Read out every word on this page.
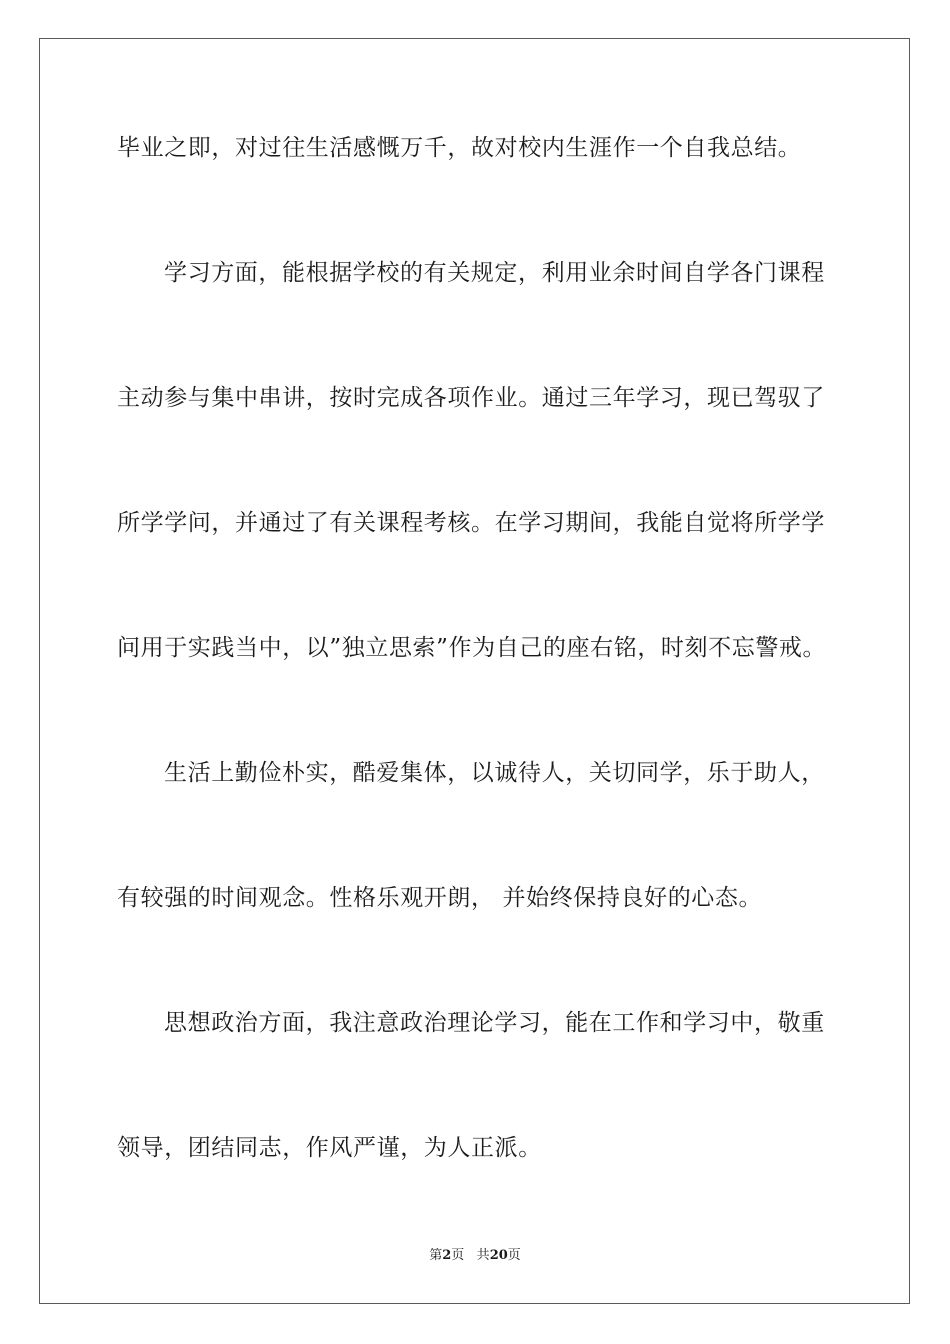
毕业之即，对过往生活感慨万千，故对校内生涯作一个自我总结。

学习方面，能根据学校的有关规定，利用业余时间自学各门课程

主动参与集中串讲，按时完成各项作业。通过三年学习，现已驾驭了

所学学问，并通过了有关课程考核。在学习期间，我能自觉将所学学

问用于实践当中，以”独立思索”作为自己的座右铭，时刻不忘警戒。

生活上勤俭朴实，酷爱集体，以诚待人，关切同学，乐于助人，

有较强的时间观念。性格乐观开朗， 并始终保持良好的心态。

思想政治方面，我注意政治理论学习，能在工作和学习中，敬重

领导，团结同志，作风严谨，为人正派。

第2页 共20页
